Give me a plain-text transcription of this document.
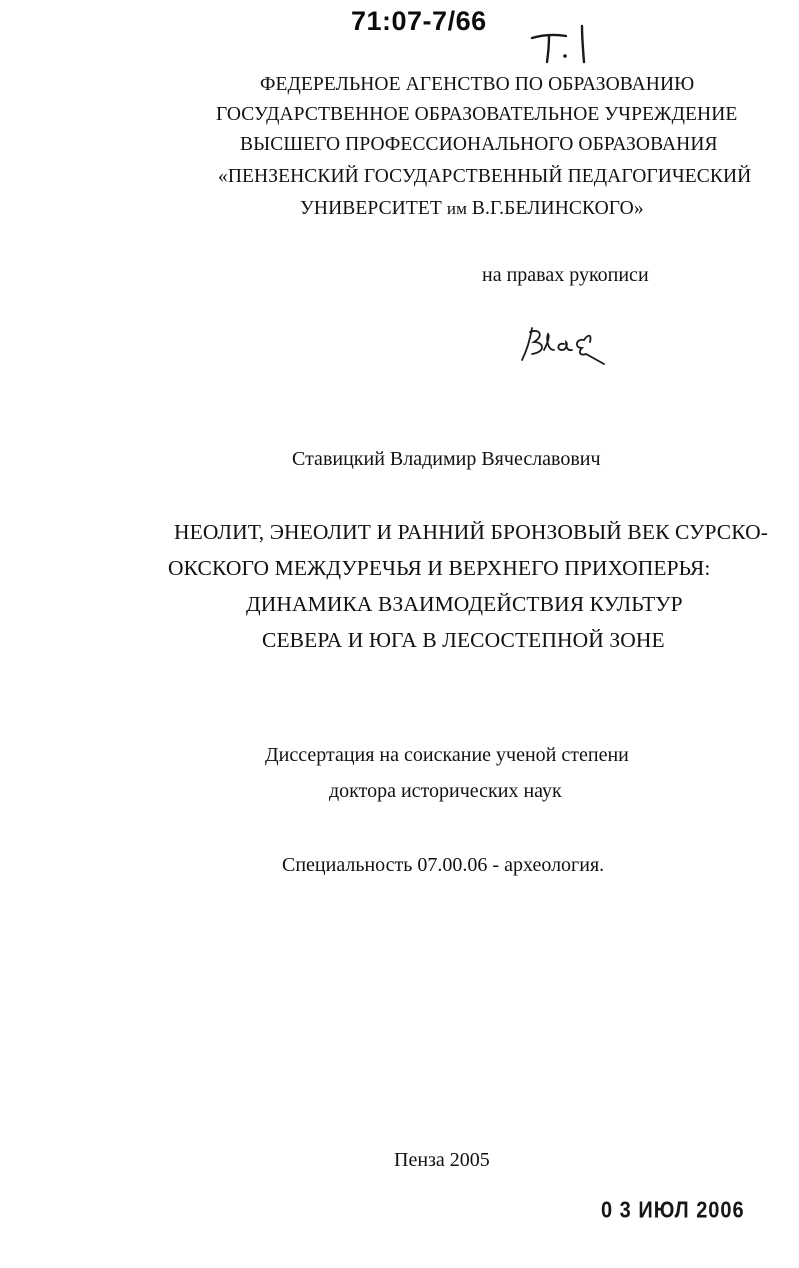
71:07-7/66
ФЕДЕРЕЛЬНОЕ АГЕНСТВО ПО ОБРАЗОВАНИЮ
ГОСУДАРСТВЕННОЕ ОБРАЗОВАТЕЛЬНОЕ УЧРЕЖДЕНИЕ
ВЫСШЕГО ПРОФЕССИОНАЛЬНОГО ОБРАЗОВАНИЯ
«ПЕНЗЕНСКИЙ ГОСУДАРСТВЕННЫЙ ПЕДАГОГИЧЕСКИЙ
УНИВЕРСИТЕТ им В.Г.БЕЛИНСКОГО»
на правах рукописи
Ставицкий Владимир Вячеславович
НЕОЛИТ, ЭНЕОЛИТ И РАННИЙ БРОНЗОВЫЙ ВЕК СУРСКО-
ОКСКОГО МЕЖДУРЕЧЬЯ И ВЕРХНЕГО ПРИХОПЕРЬЯ:
ДИНАМИКА ВЗАИМОДЕЙСТВИЯ КУЛЬТУР
СЕВЕРА И ЮГА В ЛЕСОСТЕПНОЙ ЗОНЕ
Диссертация на соискание ученой степени
доктора исторических наук
Специальность 07.00.06 - археология.
Пенза 2005
0 3 ИЮЛ 2006
